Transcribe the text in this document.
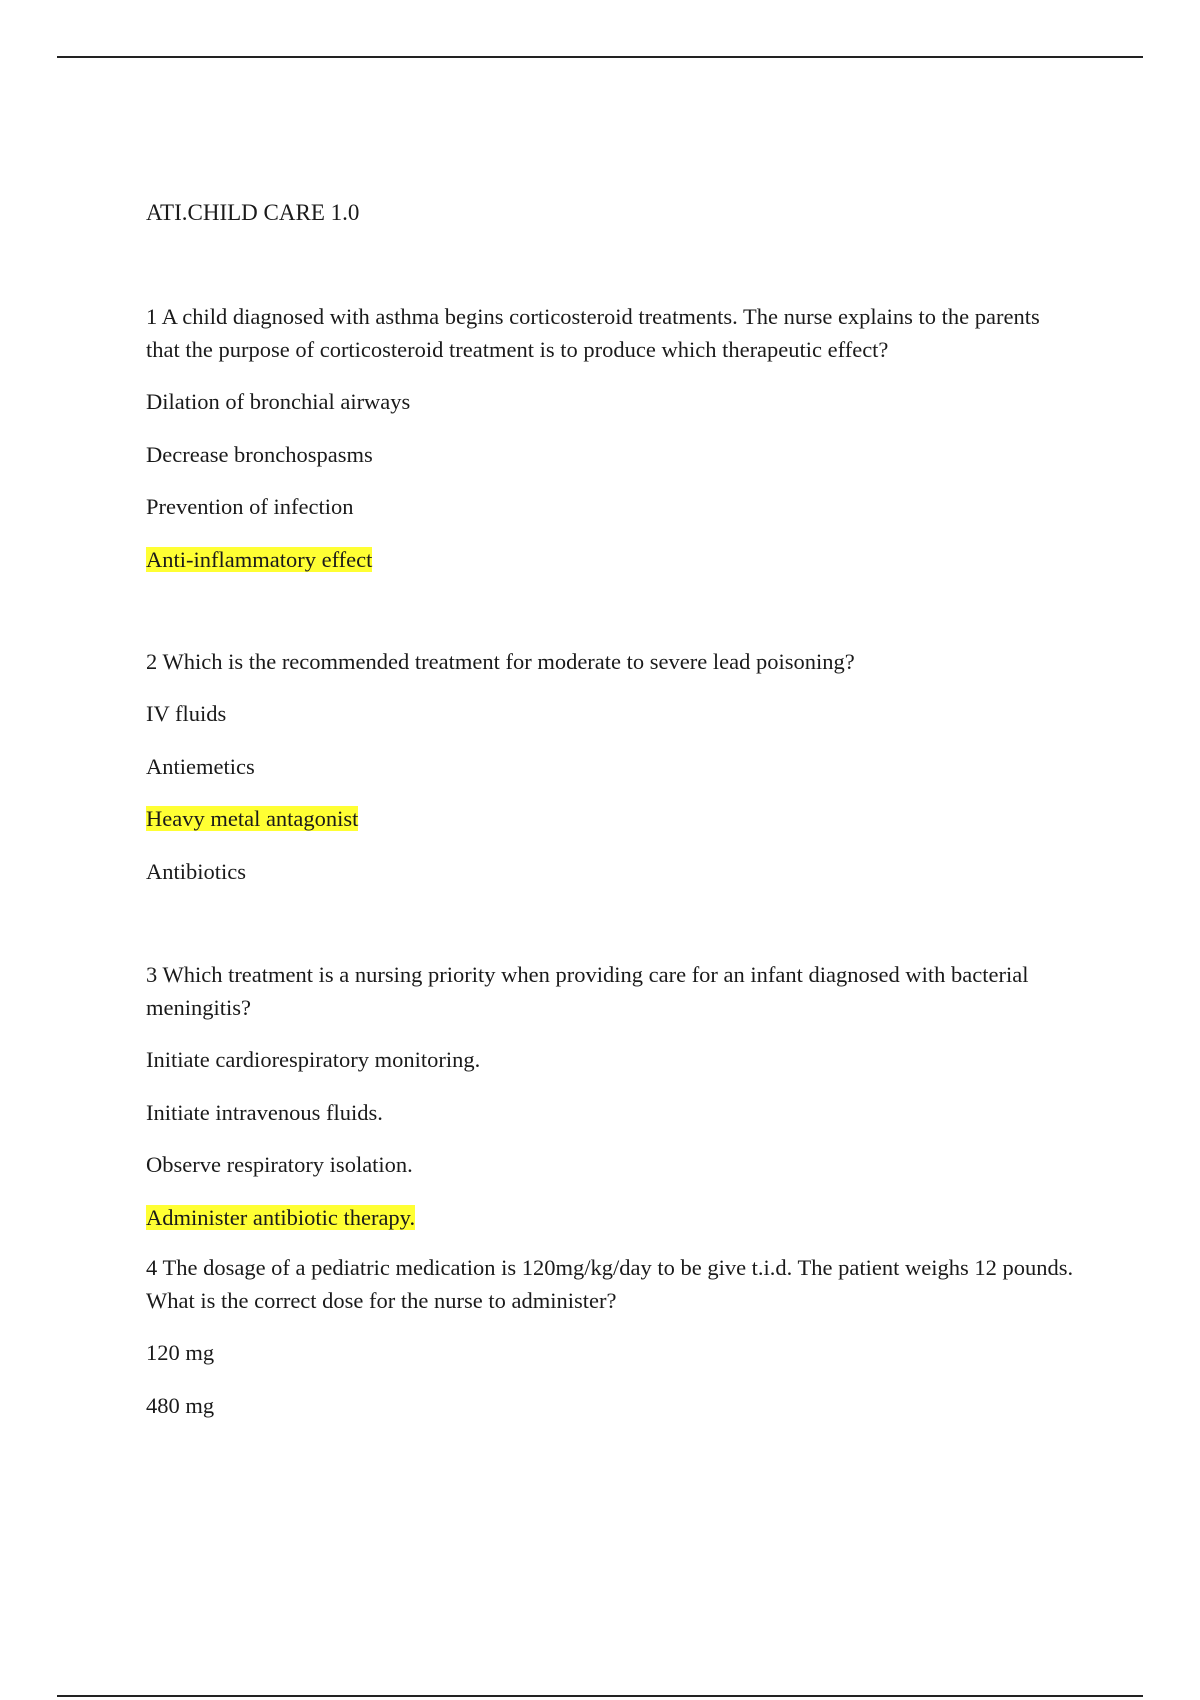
ATI.CHILD CARE 1.0

1 A child diagnosed with asthma begins corticosteroid treatments. The nurse explains to the parents that the purpose of corticosteroid treatment is to produce which therapeutic effect?

Dilation of bronchial airways
Decrease bronchospasms
Prevention of infection
Anti-inflammatory effect

2 Which is the recommended treatment for moderate to severe lead poisoning?

IV fluids
Antiemetics
Heavy metal antagonist
Antibiotics

3 Which treatment is a nursing priority when providing care for an infant diagnosed with bacterial meningitis?

Initiate cardiorespiratory monitoring.
Initiate intravenous fluids.
Observe respiratory isolation.
Administer antibiotic therapy.

4 The dosage of a pediatric medication is 120mg/kg/day to be give t.i.d. The patient weighs 12 pounds. What is the correct dose for the nurse to administer?

120 mg
480 mg
